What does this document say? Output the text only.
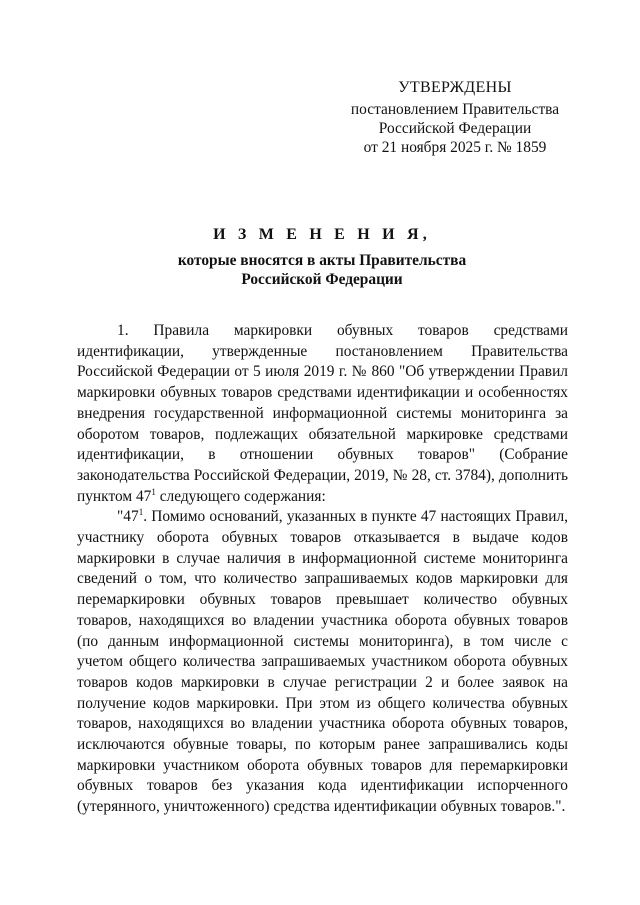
УТВЕРЖДЕНЫ
постановлением Правительства
Российской Федерации
от 21 ноября 2025 г. № 1859
И З М Е Н Е Н И Я,
которые вносятся в акты Правительства
Российской Федерации

1. Правила маркировки обувных товаров средствами идентификации, утвержденные постановлением Правительства Российской Федерации от 5 июля 2019 г. № 860 "Об утверждении Правил маркировки обувных товаров средствами идентификации и особенностях внедрения государственной информационной системы мониторинга за оборотом товаров, подлежащих обязательной маркировке средствами идентификации, в отношении обувных товаров" (Собрание законодательства Российской Федерации, 2019, № 28, ст. 3784), дополнить пунктом $47^1$ следующего содержания:

"$47^1$. Помимо оснований, указанных в пункте 47 настоящих Правил, участнику оборота обувных товаров отказывается в выдаче кодов маркировки в случае наличия в информационной системе мониторинга сведений о том, что количество запрашиваемых кодов маркировки для перемаркировки обувных товаров превышает количество обувных товаров, находящихся во владении участника оборота обувных товаров (по данным информационной системы мониторинга), в том числе с учетом общего количества запрашиваемых участником оборота обувных товаров кодов маркировки в случае регистрации 2 и более заявок на получение кодов маркировки. При этом из общего количества обувных товаров, находящихся во владении участника оборота обувных товаров, исключаются обувные товары, по которым ранее запрашивались коды маркировки участником оборота обувных товаров для перемаркировки обувных товаров без указания кода идентификации испорченного (утерянного, уничтоженного) средства идентификации обувных товаров.".
